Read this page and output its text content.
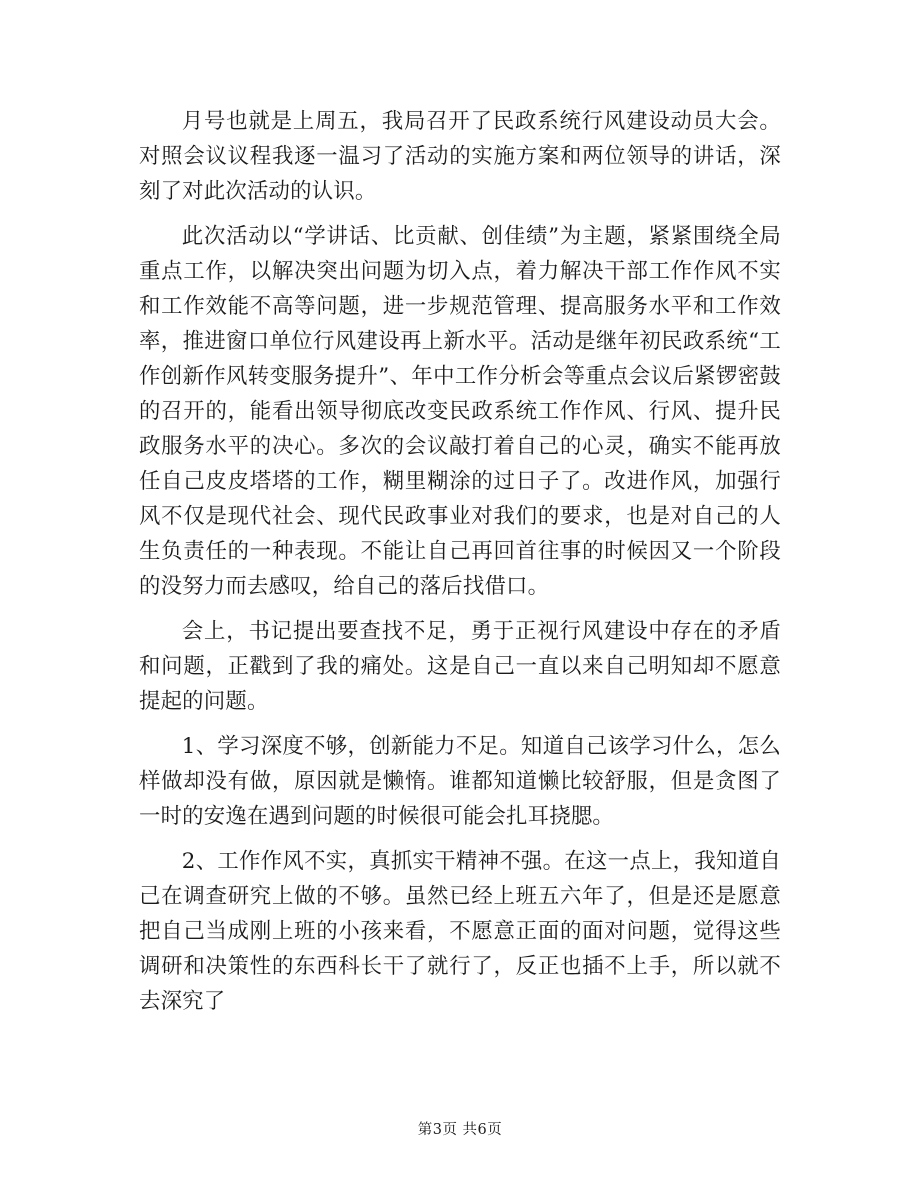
月号也就是上周五，我局召开了民政系统行风建设动员大会。对照会议议程我逐一温习了活动的实施方案和两位领导的讲话，深刻了对此次活动的认识。

此次活动以“学讲话、比贡献、创佳绩”为主题，紧紧围绕全局重点工作，以解决突出问题为切入点，着力解决干部工作作风不实和工作效能不高等问题，进一步规范管理、提高服务水平和工作效率，推进窗口单位行风建设再上新水平。活动是继年初民政系统“工作创新作风转变服务提升”、年中工作分析会等重点会议后紧锣密鼓的召开的，能看出领导彻底改变民政系统工作作风、行风、提升民政服务水平的决心。多次的会议敲打着自己的心灵，确实不能再放任自己皮皮塔塔的工作，糊里糊涂的过日子了。改进作风，加强行风不仅是现代社会、现代民政事业对我们的要求，也是对自己的人生负责任的一种表现。不能让自己再回首往事的时候因又一个阶段的没努力而去感叹，给自己的落后找借口。

会上，书记提出要查找不足，勇于正视行风建设中存在的矛盾和问题，正戳到了我的痛处。这是自己一直以来自己明知却不愿意提起的问题。

1、学习深度不够，创新能力不足。知道自己该学习什么，怎么样做却没有做，原因就是懒惰。谁都知道懒比较舒服，但是贪图了一时的安逸在遇到问题的时候很可能会扎耳挠腮。

2、工作作风不实，真抓实干精神不强。在这一点上，我知道自己在调查研究上做的不够。虽然已经上班五六年了，但是还是愿意把自己当成刚上班的小孩来看，不愿意正面的面对问题，觉得这些调研和决策性的东西科长干了就行了，反正也插不上手，所以就不去深究了

第3页 共6页
